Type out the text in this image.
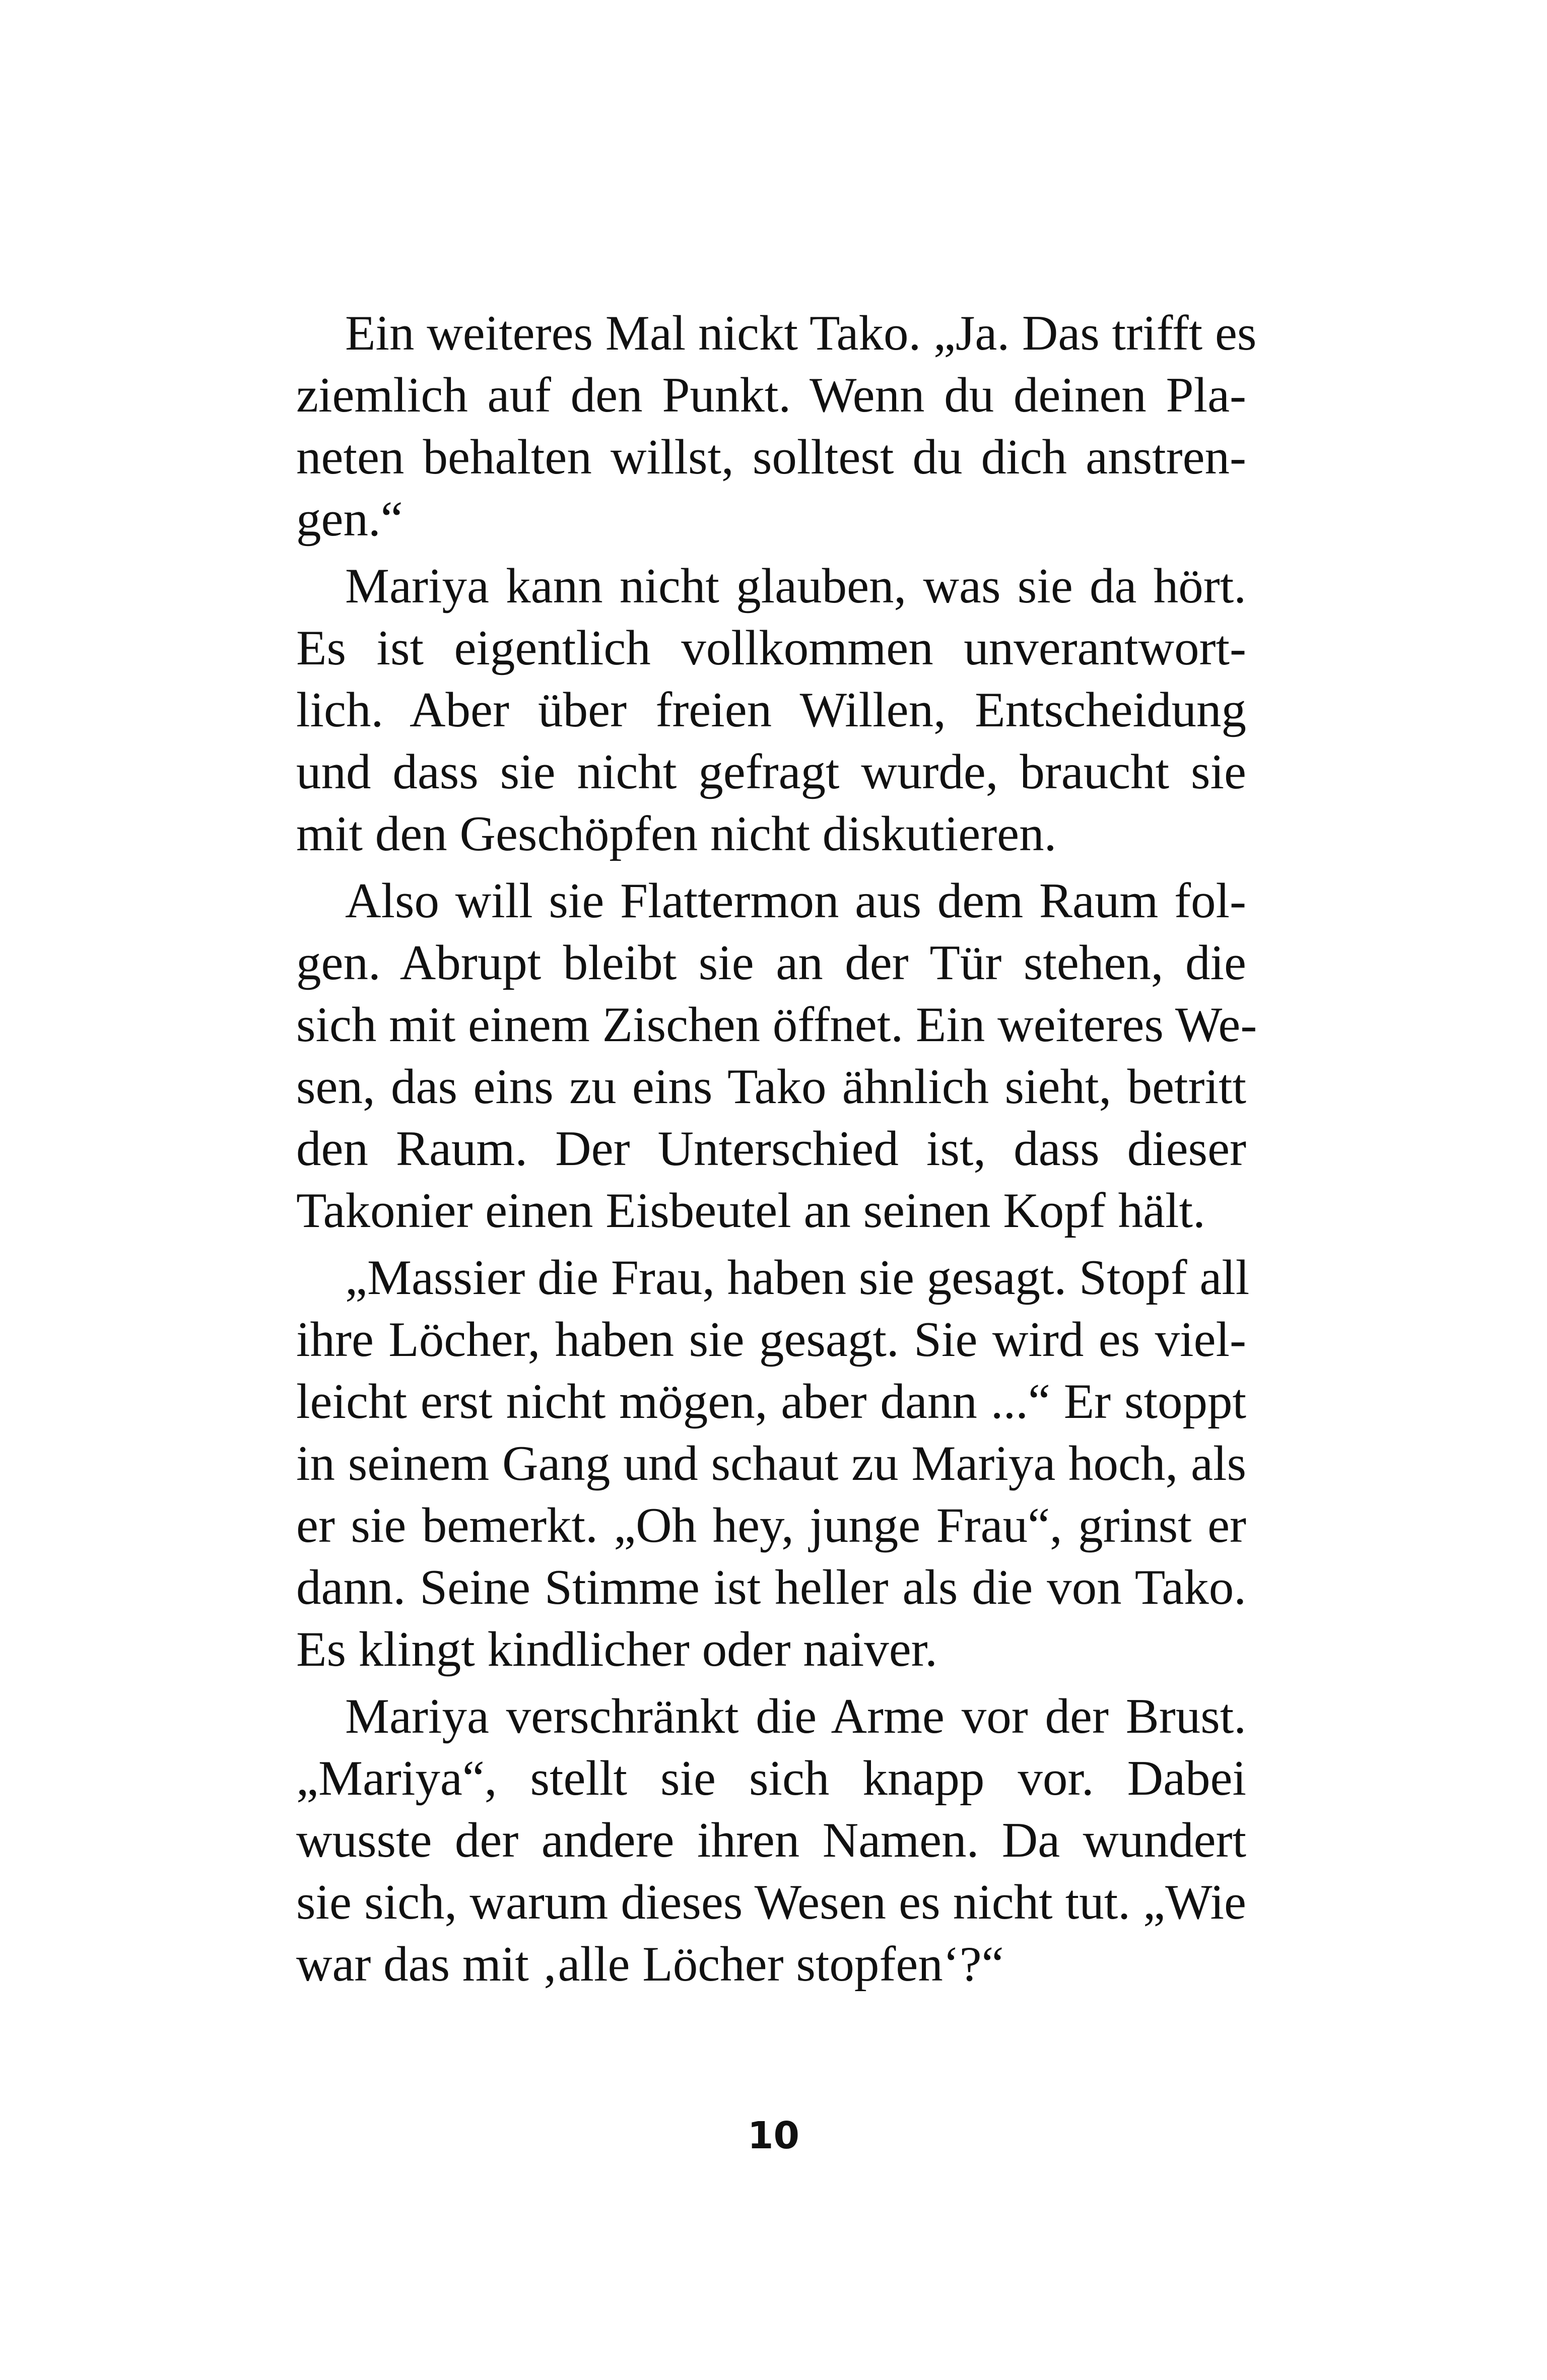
Ein weiteres Mal nickt Tako. „Ja. Das trifft es
ziemlich auf den Punkt. Wenn du deinen Pla-
neten behalten willst, solltest du dich anstren-
gen.“
Mariya kann nicht glauben, was sie da hört.
Es ist eigentlich vollkommen unverantwort-
lich. Aber über freien Willen, Entscheidung
und dass sie nicht gefragt wurde, braucht sie
mit den Geschöpfen nicht diskutieren.
Also will sie Flattermon aus dem Raum fol-
gen. Abrupt bleibt sie an der Tür stehen, die
sich mit einem Zischen öffnet. Ein weiteres We-
sen, das eins zu eins Tako ähnlich sieht, betritt
den Raum. Der Unterschied ist, dass dieser
Takonier einen Eisbeutel an seinen Kopf hält.
„Massier die Frau, haben sie gesagt. Stopf all
ihre Löcher, haben sie gesagt. Sie wird es viel-
leicht erst nicht mögen, aber dann ...“ Er stoppt
in seinem Gang und schaut zu Mariya hoch, als
er sie bemerkt. „Oh hey, junge Frau“, grinst er
dann. Seine Stimme ist heller als die von Tako.
Es klingt kindlicher oder naiver.
Mariya verschränkt die Arme vor der Brust.
„Mariya“, stellt sie sich knapp vor. Dabei
wusste der andere ihren Namen. Da wundert
sie sich, warum dieses Wesen es nicht tut. „Wie
war das mit ‚alle Löcher stopfen‘?“
10
